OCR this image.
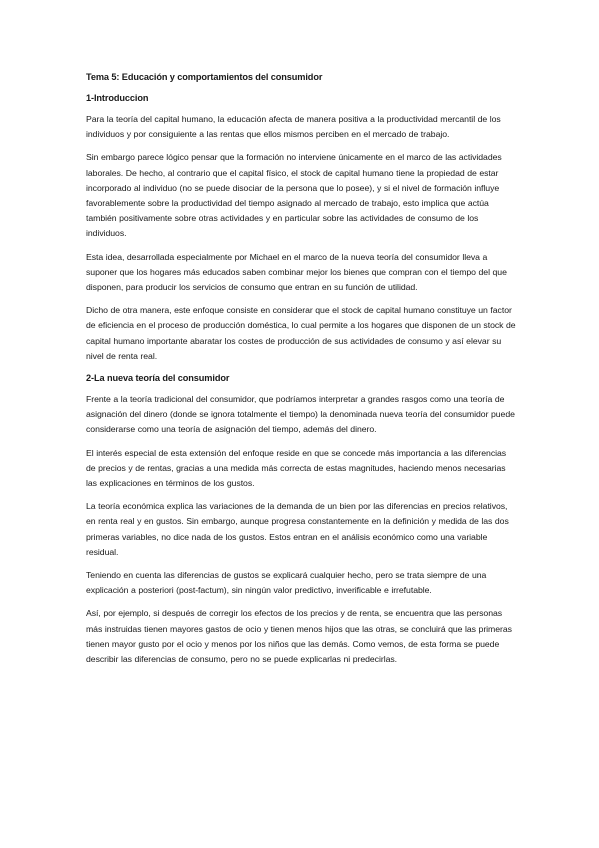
Tema 5: Educación y comportamientos del consumidor
1-Introduccion

Para la teoría del capital humano, la educación afecta de manera positiva a la productividad mercantil de los individuos y por consiguiente a las rentas que ellos mismos perciben en el mercado de trabajo.

Sin embargo parece lógico pensar que la formación no interviene únicamente en el marco de las actividades laborales. De hecho, al contrario que el capital físico, el stock de capital humano tiene la propiedad de estar incorporado al individuo (no se puede disociar de la persona que lo posee), y si el nivel de formación influye favorablemente sobre la productividad del tiempo asignado al mercado de trabajo, esto implica que actúa también positivamente sobre otras actividades y en particular sobre las actividades de consumo de los individuos.

Esta idea, desarrollada especialmente por Michael en el marco de la nueva teoría del consumidor lleva a suponer que los hogares más educados saben combinar mejor los bienes que compran con el tiempo del que disponen, para producir los servicios de consumo que entran en su función de utilidad.

Dicho de otra manera, este enfoque consiste en considerar que el stock de capital humano constituye un factor de eficiencia en el proceso de producción doméstica, lo cual permite a los hogares que disponen de un stock de capital humano importante abaratar los costes de producción de sus actividades de consumo y así elevar su nivel de renta real.

2-La nueva teoría del consumidor

Frente a la teoría tradicional del consumidor, que podríamos interpretar a grandes rasgos como una teoría de asignación del dinero (donde se ignora totalmente el tiempo) la denominada nueva teoría del consumidor puede considerarse como una teoría de asignación del tiempo, además del dinero.

El interés especial de esta extensión del enfoque reside en que se concede más importancia a las diferencias de precios y de rentas, gracias a una medida más correcta de estas magnitudes, haciendo menos necesarias las explicaciones en términos de los gustos.

La teoría económica explica las variaciones de la demanda de un bien por las diferencias en precios relativos, en renta real y en gustos. Sin embargo, aunque progresa constantemente en la definición y medida de las dos primeras variables, no dice nada de los gustos. Estos entran en el análisis económico como una variable residual.

Teniendo en cuenta las diferencias de gustos se explicará cualquier hecho, pero se trata siempre de una explicación a posteriori (post-factum), sin ningún valor predictivo, inverificable e irrefutable.

Así, por ejemplo, si después de corregir los efectos de los precios y de renta, se encuentra que las personas más instruidas tienen mayores gastos de ocio y tienen menos hijos que las otras, se concluirá que las primeras tienen mayor gusto por el ocio y menos por los niños que las demás. Como vemos, de esta forma se puede describir las diferencias de consumo, pero no se puede explicarlas ni predecirlas.
